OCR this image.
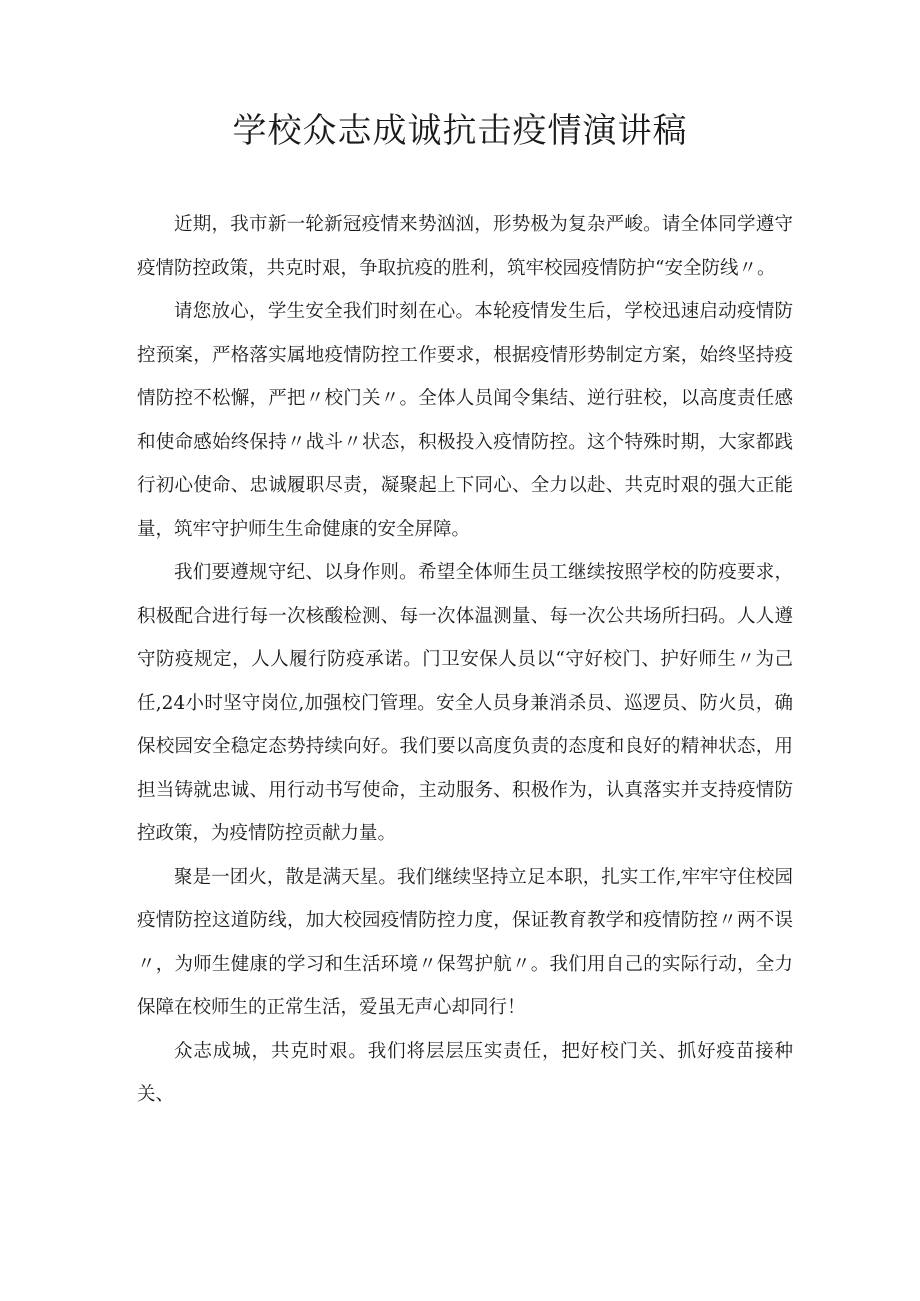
学校众志成诚抗击疫情演讲稿

近期，我市新一轮新冠疫情来势汹汹，形势极为复杂严峻。请全体同学遵守疫情防控政策，共克时艰，争取抗疫的胜利，筑牢校园疫情防护“安全防线〃。

请您放心，学生安全我们时刻在心。本轮疫情发生后，学校迅速启动疫情防控预案，严格落实属地疫情防控工作要求，根据疫情形势制定方案，始终坚持疫情防控不松懈，严把〃校门关〃。全体人员闻令集结、逆行驻校，以高度责任感和使命感始终保持〃战斗〃状态，积极投入疫情防控。这个特殊时期，大家都践行初心使命、忠诚履职尽责，凝聚起上下同心、全力以赴、共克时艰的强大正能量，筑牢守护师生生命健康的安全屏障。

我们要遵规守纪、以身作则。希望全体师生员工继续按照学校的防疫要求，积极配合进行每一次核酸检测、每一次体温测量、每一次公共场所扫码。人人遵守防疫规定，人人履行防疫承诺。门卫安保人员以“守好校门、护好师生〃为己任,24小时坚守岗位,加强校门管理。安全人员身兼消杀员、巡逻员、防火员，确保校园安全稳定态势持续向好。我们要以高度负责的态度和良好的精神状态，用担当铸就忠诚、用行动书写使命，主动服务、积极作为，认真落实并支持疫情防控政策，为疫情防控贡献力量。

聚是一团火，散是满天星。我们继续坚持立足本职，扎实工作,牢牢守住校园疫情防控这道防线，加大校园疫情防控力度，保证教育教学和疫情防控〃两不误〃，为师生健康的学习和生活环境〃保驾护航〃。我们用自己的实际行动，全力保障在校师生的正常生活，爱虽无声心却同行！

众志成城，共克时艰。我们将层层压实责任，把好校门关、抓好疫苗接种关、
